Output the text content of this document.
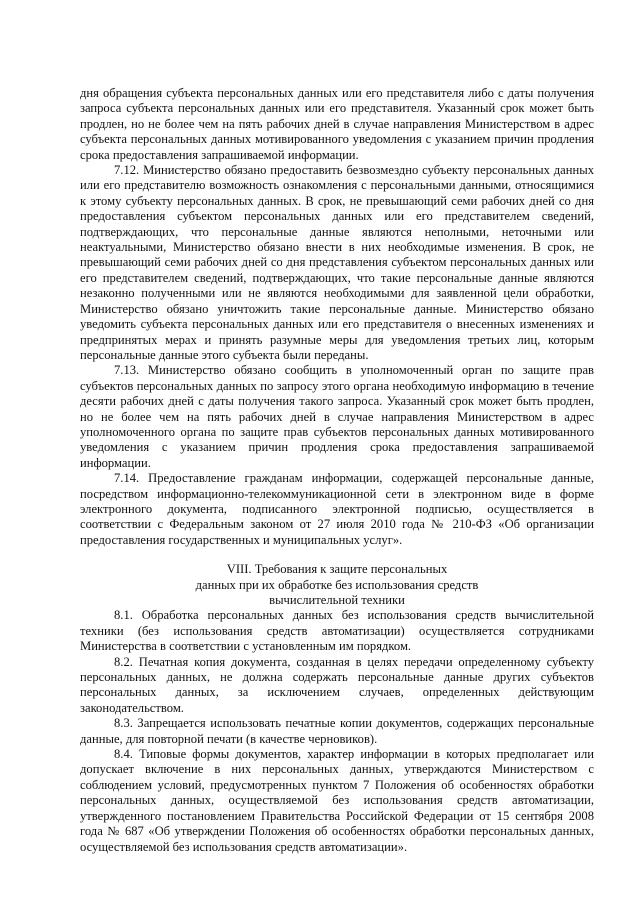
дня обращения субъекта персональных данных или его представителя либо с даты получения запроса субъекта персональных данных или его представителя. Указанный срок может быть продлен, но не более чем на пять рабочих дней в случае направления Министерством в адрес субъекта персональных данных мотивированного уведомления с указанием причин продления срока предоставления запрашиваемой информации.

7.12. Министерство обязано предоставить безвозмездно субъекту персональных данных или его представителю возможность ознакомления с персональными данными, относящимися к этому субъекту персональных данных. В срок, не превышающий семи рабочих дней со дня предоставления субъектом персональных данных или его представителем сведений, подтверждающих, что персональные данные являются неполными, неточными или неактуальными, Министерство обязано внести в них необходимые изменения. В срок, не превышающий семи рабочих дней со дня представления субъектом персональных данных или его представителем сведений, подтверждающих, что такие персональные данные являются незаконно полученными или не являются необходимыми для заявленной цели обработки, Министерство обязано уничтожить такие персональные данные. Министерство обязано уведомить субъекта персональных данных или его представителя о внесенных изменениях и предпринятых мерах и принять разумные меры для уведомления третьих лиц, которым персональные данные этого субъекта были переданы.

7.13. Министерство обязано сообщить в уполномоченный орган по защите прав субъектов персональных данных по запросу этого органа необходимую информацию в течение десяти рабочих дней с даты получения такого запроса. Указанный срок может быть продлен, но не более чем на пять рабочих дней в случае направления Министерством в адрес уполномоченного органа по защите прав субъектов персональных данных мотивированного уведомления с указанием причин продления срока предоставления запрашиваемой информации.

7.14. Предоставление гражданам информации, содержащей персональные данные, посредством информационно-телекоммуникационной сети в электронном виде в форме электронного документа, подписанного электронной подписью, осуществляется в соответствии с Федеральным законом от 27 июля 2010 года № 210-ФЗ «Об организации предоставления государственных и муниципальных услуг».

VIII. Требования к защите персональных
данных при их обработке без использования средств
вычислительной техники

8.1. Обработка персональных данных без использования средств вычислительной техники (без использования средств автоматизации) осуществляется сотрудниками Министерства в соответствии с установленным им порядком.

8.2. Печатная копия документа, созданная в целях передачи определенному субъекту персональных данных, не должна содержать персональные данные других субъектов персональных данных, за исключением случаев, определенных действующим законодательством.

8.3. Запрещается использовать печатные копии документов, содержащих персональные данные, для повторной печати (в качестве черновиков).

8.4. Типовые формы документов, характер информации в которых предполагает или допускает включение в них персональных данных, утверждаются Министерством с соблюдением условий, предусмотренных пунктом 7 Положения об особенностях обработки персональных данных, осуществляемой без использования средств автоматизации, утвержденного постановлением Правительства Российской Федерации от 15 сентября 2008 года № 687 «Об утверждении Положения об особенностях обработки персональных данных, осуществляемой без использования средств автоматизации».
